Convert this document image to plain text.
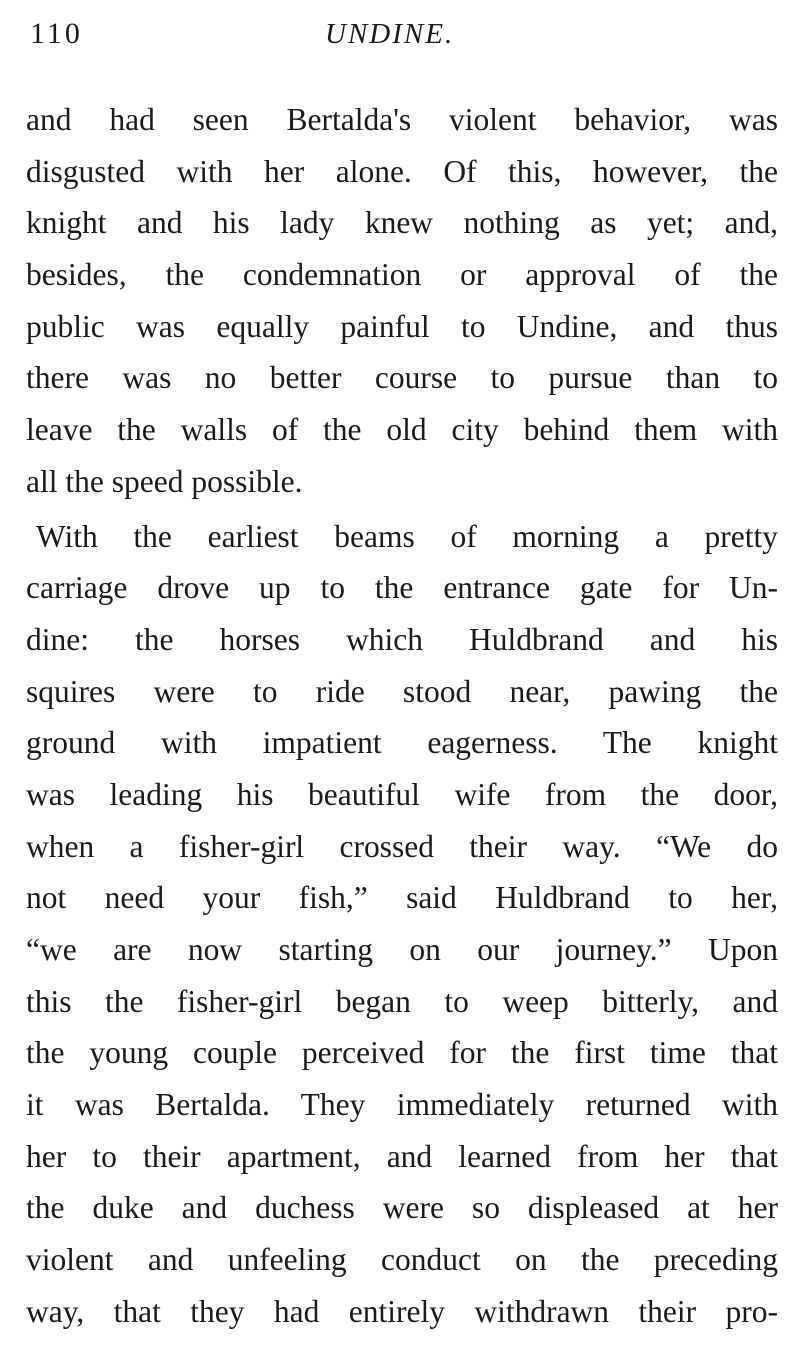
110	UNDINE.
and had seen Bertalda's violent behavior, was
disgusted with her alone. Of this, however, the
knight and his lady knew nothing as yet; and,
besides, the condemnation or approval of the
public was equally painful to Undine, and thus
there was no better course to pursue than to
leave the walls of the old city behind them with
all the speed possible.
With the earliest beams of morning a pretty
carriage drove up to the entrance gate for Un-
dine: the horses which Huldbrand and his
squires were to ride stood near, pawing the
ground with impatient eagerness. The knight
was leading his beautiful wife from the door,
when a fisher-girl crossed their way. “We do
not need your fish,” said Huldbrand to her,
“we are now starting on our journey.” Upon
this the fisher-girl began to weep bitterly, and
the young couple perceived for the first time that
it was Bertalda. They immediately returned with
her to their apartment, and learned from her that
the duke and duchess were so displeased at her
violent and unfeeling conduct on the preceding
way, that they had entirely withdrawn their pro-
